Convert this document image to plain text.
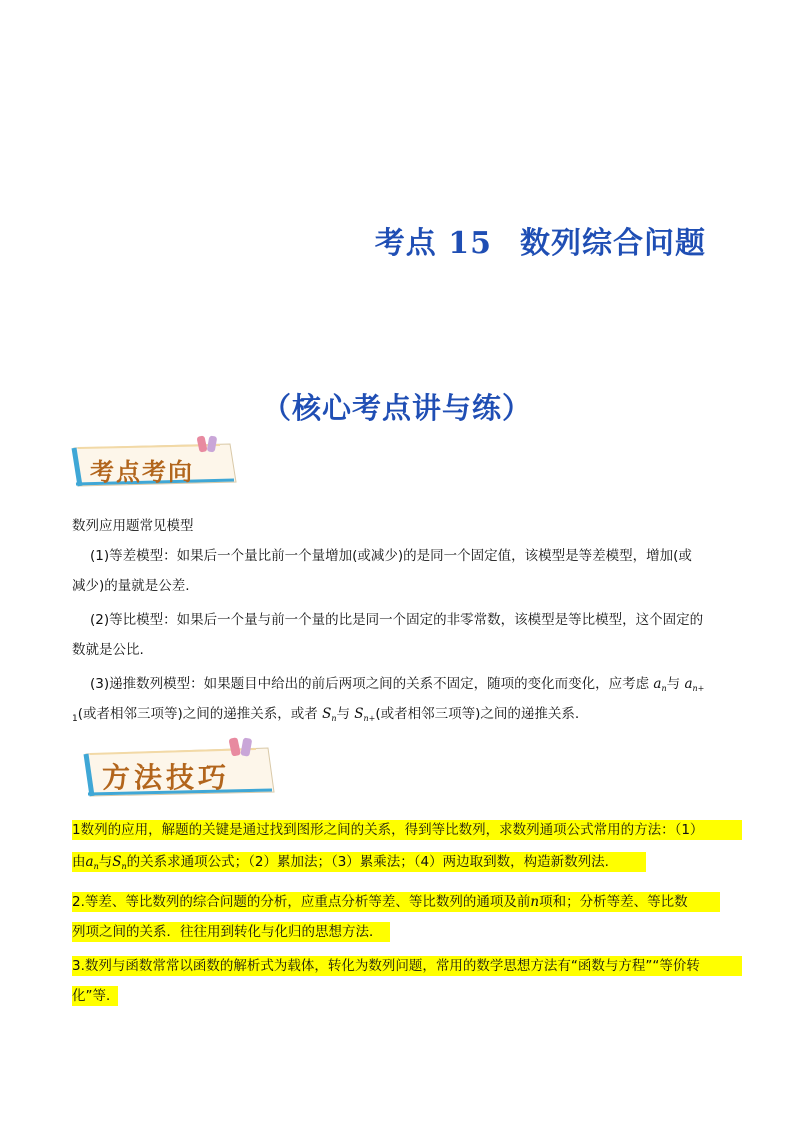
考点 15 数列综合问题
（核心考点讲与练）
考点考向
数列应用题常见模型
(1)等差模型：如果后一个量比前一个量增加(或减少)的是同一个固定值，该模型是等差模型，增加(或
减少)的量就是公差.
(2)等比模型：如果后一个量与前一个量的比是同一个固定的非零常数，该模型是等比模型，这个固定的
数就是公比.
(3)递推数列模型：如果题目中给出的前后两项之间的关系不固定，随项的变化而变化，应考虑 $a_n$与 $a_{n+}$
$_1$(或者相邻三项等)之间的递推关系，或者 $S_n$与 $S_{n+}$(或者相邻三项等)之间的递推关系.
方法技巧
1数列的应用，解题的关键是通过找到图形之间的关系，得到等比数列，求数列通项公式常用的方法：（1）
由$a_n$与$S_n$的关系求通项公式；（2）累加法；（3）累乘法；（4）两边取到数，构造新数列法.
2.等差、等比数列的综合问题的分析，应重点分析等差、等比数列的通项及前n项和；分析等差、等比数
列项之间的关系．往往用到转化与化归的思想方法．
3.数列与函数常常以函数的解析式为载体，转化为数列问题，常用的数学思想方法有“函数与方程”“等价转
化”等．
